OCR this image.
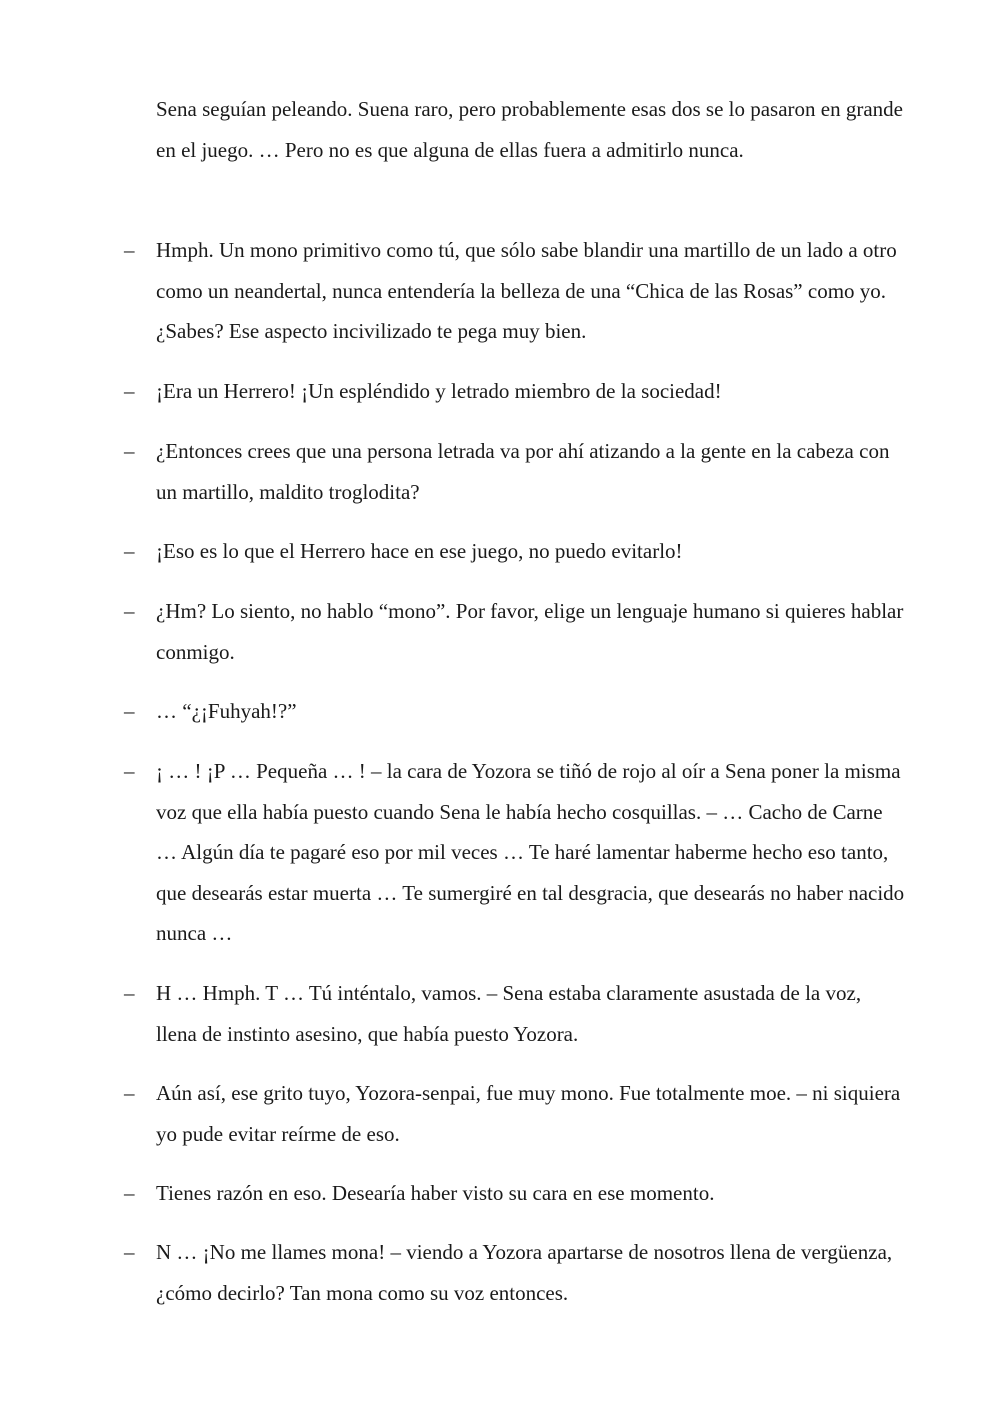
Sena seguían peleando. Suena raro, pero probablemente esas dos se lo pasaron en grande en el juego. … Pero no es que alguna de ellas fuera a admitirlo nunca.

– Hmph. Un mono primitivo como tú, que sólo sabe blandir una martillo de un lado a otro como un neandertal, nunca entendería la belleza de una “Chica de las Rosas” como yo. ¿Sabes? Ese aspecto incivilizado te pega muy bien.

– ¡Era un Herrero! ¡Un espléndido y letrado miembro de la sociedad!

– ¿Entonces crees que una persona letrada va por ahí atizando a la gente en la cabeza con un martillo, maldito troglodita?

– ¡Eso es lo que el Herrero hace en ese juego, no puedo evitarlo!

– ¿Hm? Lo siento, no hablo “mono”. Por favor, elige un lenguaje humano si quieres hablar conmigo.

– … “¿¡Fuhyah!?”

– ¡ … ! ¡P … Pequeña … ! – la cara de Yozora se tiñó de rojo al oír a Sena poner la misma voz que ella había puesto cuando Sena le había hecho cosquillas. – … Cacho de Carne … Algún día te pagaré eso por mil veces … Te haré lamentar haberme hecho eso tanto, que desearás estar muerta … Te sumergiré en tal desgracia, que desearás no haber nacido nunca …

– H … Hmph. T … Tú inténtalo, vamos. – Sena estaba claramente asustada de la voz, llena de instinto asesino, que había puesto Yozora.

– Aún así, ese grito tuyo, Yozora-senpai, fue muy mono. Fue totalmente moe. – ni siquiera yo pude evitar reírme de eso.

– Tienes razón en eso. Desearía haber visto su cara en ese momento.

– N … ¡No me llames mona! – viendo a Yozora apartarse de nosotros llena de vergüenza, ¿cómo decirlo? Tan mona como su voz entonces.
